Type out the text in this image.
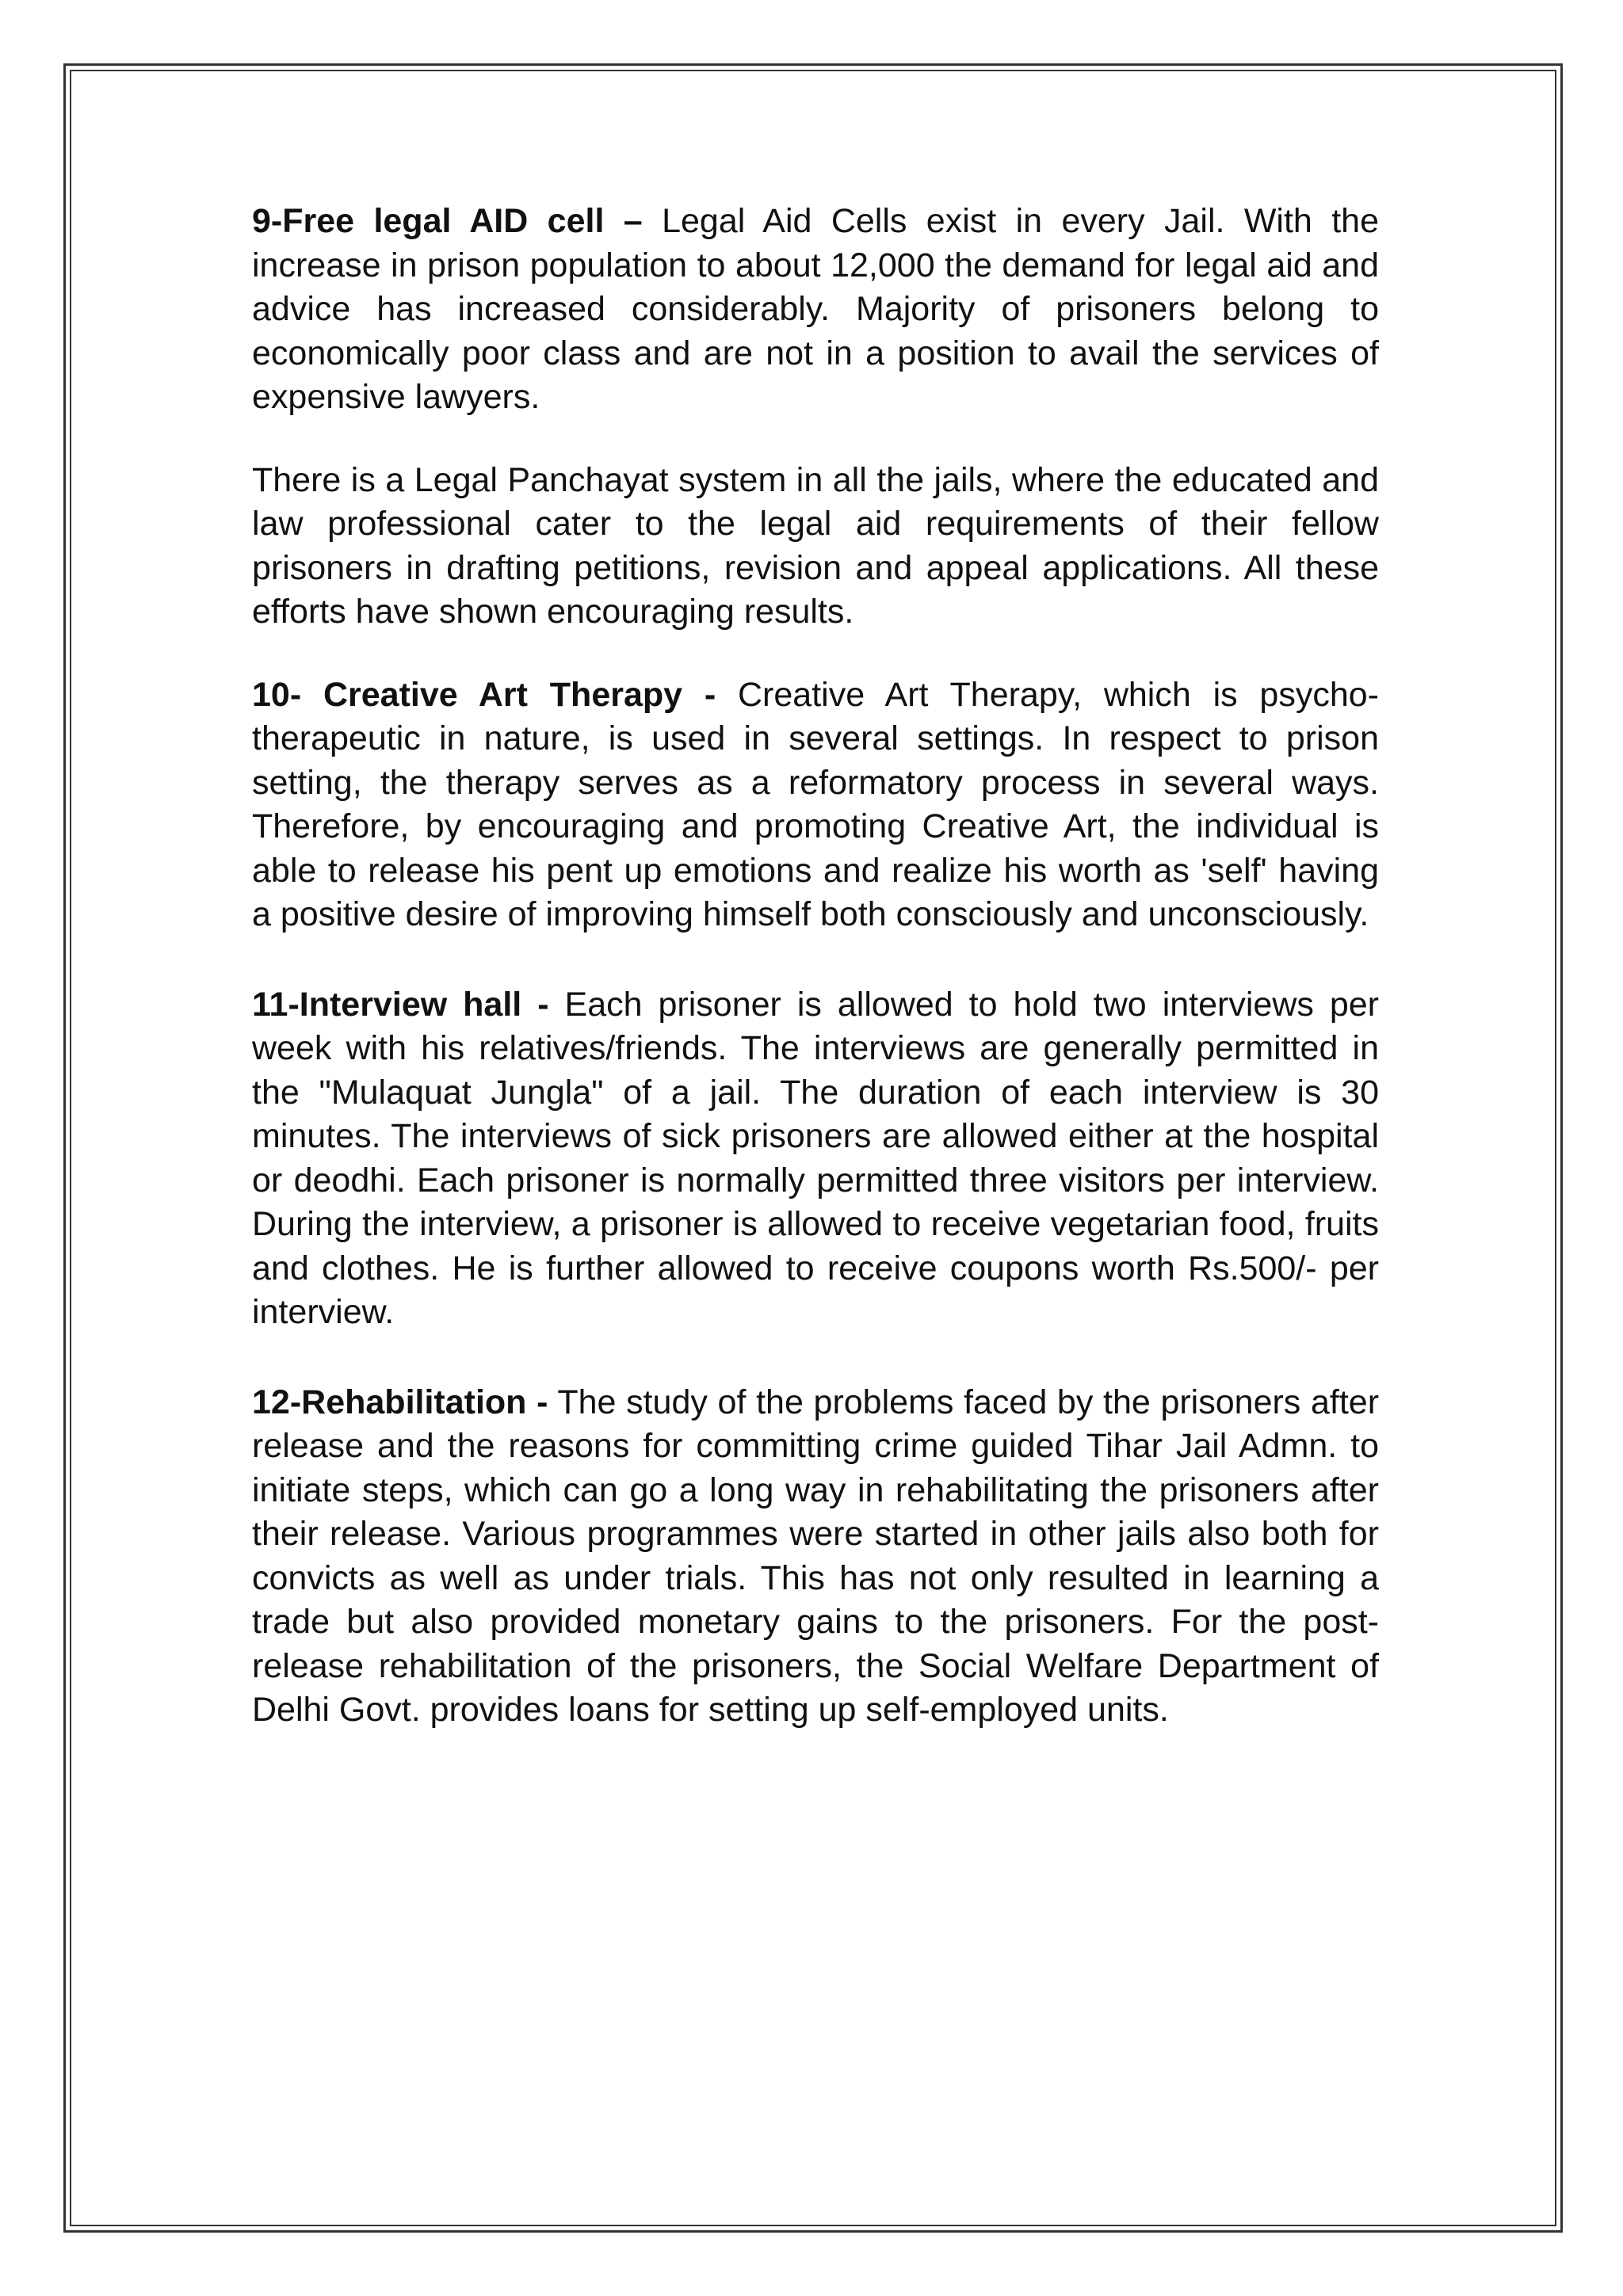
9-Free legal AID cell – Legal Aid Cells exist in every Jail. With the increase in prison population to about 12,000 the demand for legal aid and advice has increased considerably. Majority of prisoners belong to economically poor class and are not in a position to avail the services of expensive lawyers.

There is a Legal Panchayat system in all the jails, where the educated and law professional cater to the legal aid requirements of their fellow prisoners in drafting petitions, revision and appeal applications. All these efforts have shown encouraging results.

10- Creative Art Therapy - Creative Art Therapy, which is psycho-therapeutic in nature, is used in several settings. In respect to prison setting, the therapy serves as a reformatory process in several ways. Therefore, by encouraging and promoting Creative Art, the individual is able to release his pent up emotions and realize his worth as 'self' having a positive desire of improving himself both consciously and unconsciously.

11-Interview hall - Each prisoner is allowed to hold two interviews per week with his relatives/friends. The interviews are generally permitted in the "Mulaquat Jungla" of a jail. The duration of each interview is 30 minutes. The interviews of sick prisoners are allowed either at the hospital or deodhi. Each prisoner is normally permitted three visitors per interview. During the interview, a prisoner is allowed to receive vegetarian food, fruits and clothes. He is further allowed to receive coupons worth Rs.500/- per interview.

12-Rehabilitation - The study of the problems faced by the prisoners after release and the reasons for committing crime guided Tihar Jail Admn. to initiate steps, which can go a long way in rehabilitating the prisoners after their release. Various programmes were started in other jails also both for convicts as well as under trials. This has not only resulted in learning a trade but also provided monetary gains to the prisoners. For the post-release rehabilitation of the prisoners, the Social Welfare Department of Delhi Govt. provides loans for setting up self-employed units.
